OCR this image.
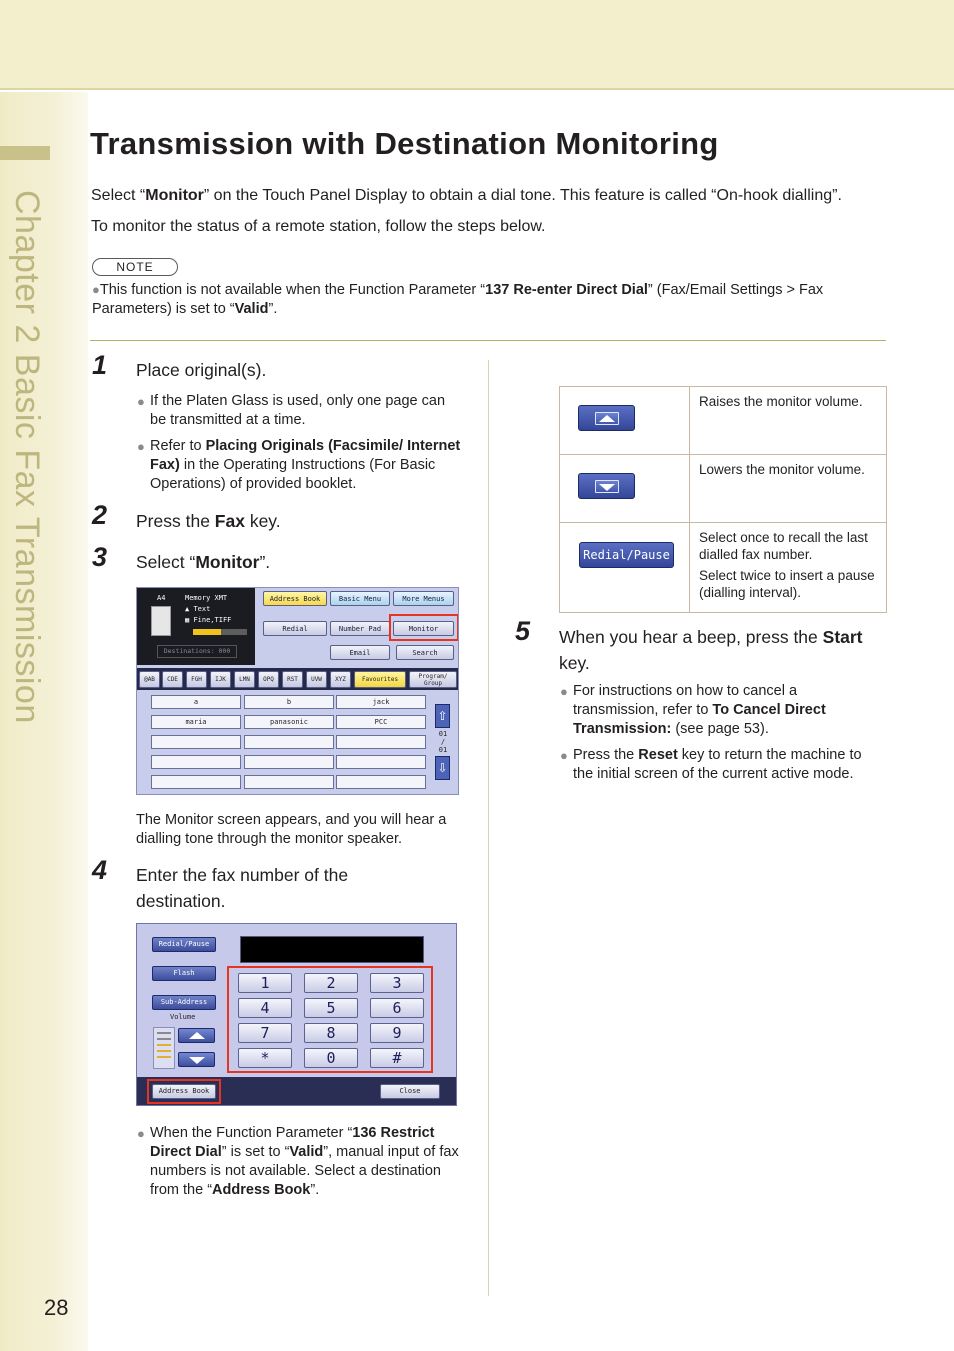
Chapter 2 Basic Fax Transmission
28
Transmission with Destination Monitoring

Select “Monitor” on the Touch Panel Display to obtain a dial tone. This feature is called “On-hook dialling”.

To monitor the status of a remote station, follow the steps below.

NOTE
●This function is not available when the Function Parameter “137 Re-enter Direct Dial” (Fax/Email Settings > Fax Parameters) is set to “Valid”.
1 Place original(s).
● If the Platen Glass is used, only one page can be transmitted at a time.
● Refer to Placing Originals (Facsimile/ Internet Fax) in the Operating Instructions (For Basic Operations) of provided booklet.
2 Press the Fax key.
3 Select “Monitor”.
A4	Memory XMT
▲ Text
▦ Fine,TIFF
Destinations: 000
Address Book	Basic Menu	More Menus
Redial	Number Pad	Monitor
Email	Search
@AB	CDE	FGH	IJK	LMN	OPQ	RST	UVW	XYZ	Favourites	Program/ Group
a	b	jack
maria	panasonic	PCC	⇧
01
/
01
⇩
The Monitor screen appears, and you will hear a dialling tone through the monitor speaker.
4 Enter the fax number of the destination.
Redial/Pause
Flash
Sub-Address
Volume
1	2	3
4	5	6
7	8	9
*	0	#
Address Book	Close
● When the Function Parameter “136 Restrict Direct Dial” is set to “Valid”, manual input of fax numbers is not available. Select a destination from the “Address Book”.
	Raises the monitor volume.

	Lowers the monitor volume.

Redial/Pause	Select once to recall the last dialled fax number.
Select twice to insert a pause (dialling interval).
5 When you hear a beep, press the Start key.
● For instructions on how to cancel a transmission, refer to To Cancel Direct Transmission: (see page 53).
● Press the Reset key to return the machine to the initial screen of the current active mode.
